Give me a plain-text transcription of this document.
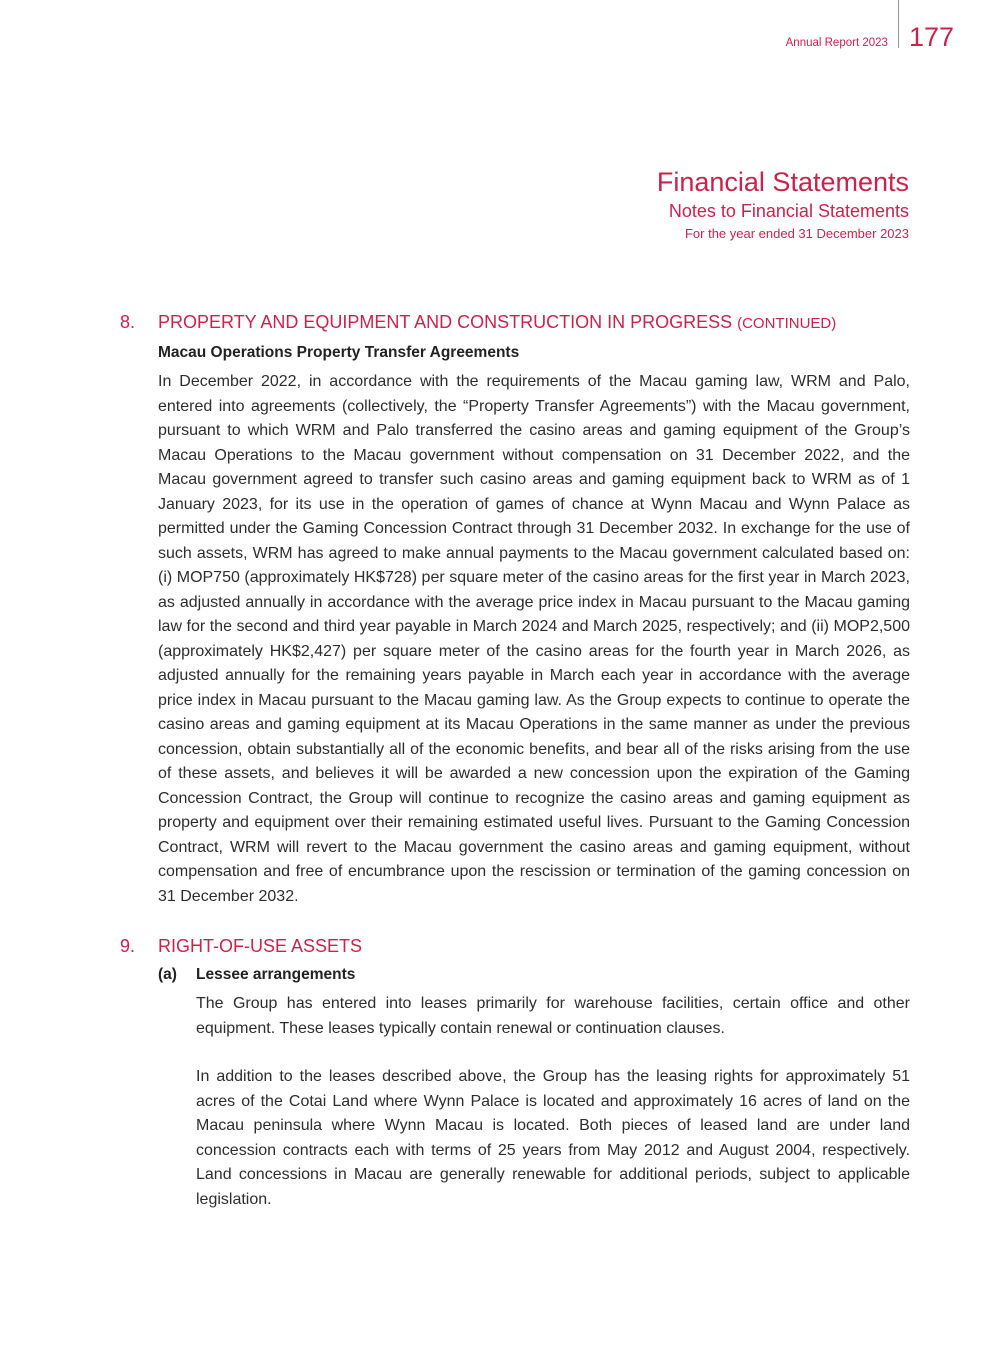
Annual Report 2023 177
Financial Statements
Notes to Financial Statements
For the year ended 31 December 2023
8.	PROPERTY AND EQUIPMENT AND CONSTRUCTION IN PROGRESS (CONTINUED)
Macau Operations Property Transfer Agreements

In December 2022, in accordance with the requirements of the Macau gaming law, WRM and Palo, entered into agreements (collectively, the “Property Transfer Agreements”) with the Macau government, pursuant to which WRM and Palo transferred the casino areas and gaming equipment of the Group’s Macau Operations to the Macau government without compensation on 31 December 2022, and the Macau government agreed to transfer such casino areas and gaming equipment back to WRM as of 1 January 2023, for its use in the operation of games of chance at Wynn Macau and Wynn Palace as permitted under the Gaming Concession Contract through 31 December 2032. In exchange for the use of such assets, WRM has agreed to make annual payments to the Macau government calculated based on: (i) MOP750 (approximately HK$728) per square meter of the casino areas for the first year in March 2023, as adjusted annually in accordance with the average price index in Macau pursuant to the Macau gaming law for the second and third year payable in March 2024 and March 2025, respectively; and (ii) MOP2,500 (approximately HK$2,427) per square meter of the casino areas for the fourth year in March 2026, as adjusted annually for the remaining years payable in March each year in accordance with the average price index in Macau pursuant to the Macau gaming law. As the Group expects to continue to operate the casino areas and gaming equipment at its Macau Operations in the same manner as under the previous concession, obtain substantially all of the economic benefits, and bear all of the risks arising from the use of these assets, and believes it will be awarded a new concession upon the expiration of the Gaming Concession Contract, the Group will continue to recognize the casino areas and gaming equipment as property and equipment over their remaining estimated useful lives. Pursuant to the Gaming Concession Contract, WRM will revert to the Macau government the casino areas and gaming equipment, without compensation and free of encumbrance upon the rescission or termination of the gaming concession on 31 December 2032.

9.	RIGHT-OF-USE ASSETS
(a)	Lessee arrangements

The Group has entered into leases primarily for warehouse facilities, certain office and other equipment. These leases typically contain renewal or continuation clauses.

In addition to the leases described above, the Group has the leasing rights for approximately 51 acres of the Cotai Land where Wynn Palace is located and approximately 16 acres of land on the Macau peninsula where Wynn Macau is located. Both pieces of leased land are under land concession contracts each with terms of 25 years from May 2012 and August 2004, respectively. Land concessions in Macau are generally renewable for additional periods, subject to applicable legislation.
